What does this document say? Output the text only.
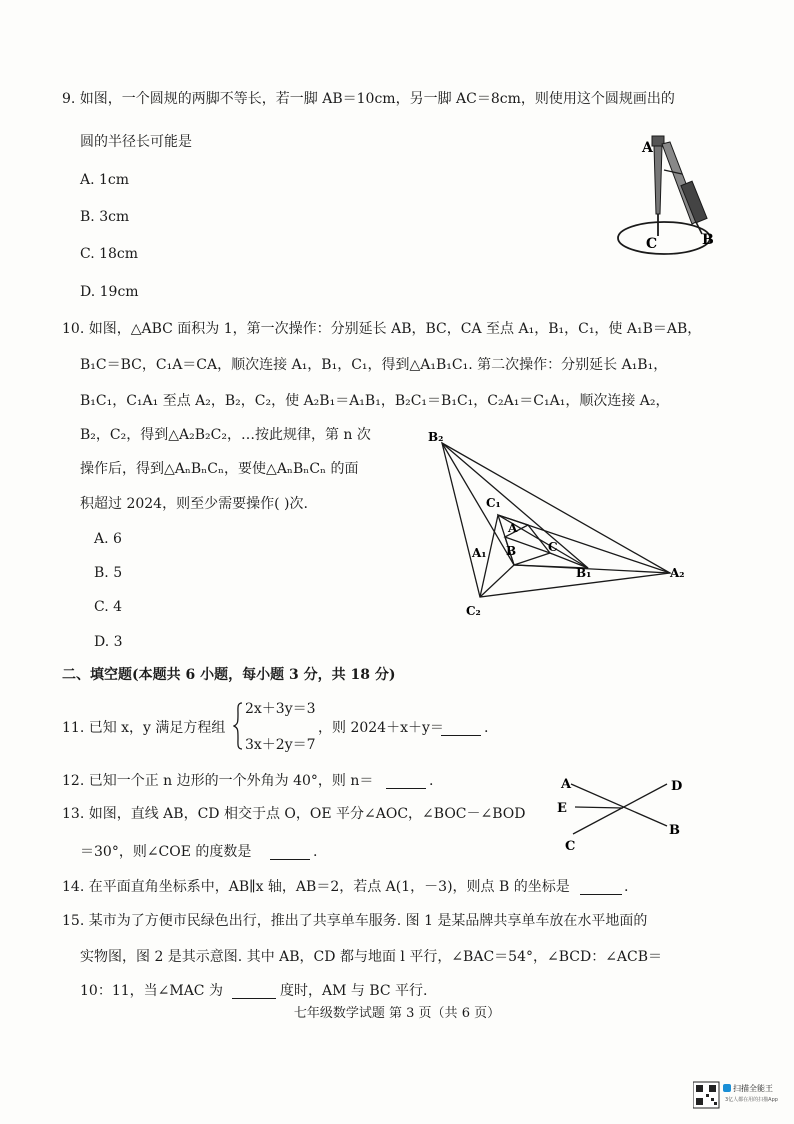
9. 如图，一个圆规的两脚不等长，若一脚 AB＝10cm，另一脚 AC＝8cm，则使用这个圆规画出的
圆的半径长可能是
A. 1cm
B. 3cm
C. 18cm
D. 19cm
A
B
C
10. 如图，△ABC 面积为 1，第一次操作：分别延长 AB，BC，CA 至点 A₁，B₁，C₁，使 A₁B＝AB，
B₁C＝BC，C₁A＝CA，顺次连接 A₁，B₁，C₁，得到△A₁B₁C₁. 第二次操作：分别延长 A₁B₁，
B₁C₁，C₁A₁ 至点 A₂，B₂，C₂，使 A₂B₁＝A₁B₁，B₂C₁＝B₁C₁，C₂A₁＝C₁A₁，顺次连接 A₂，
B₂，C₂，得到△A₂B₂C₂，…按此规律，第 n 次
操作后，得到△AₙBₙCₙ，要使△AₙBₙCₙ 的面
积超过 2024，则至少需要操作( )次.
A. 6
B. 5
C. 4
D. 3
B₂
C₁
A
C
A₁ B
B₁	A₂
C₂
二、填空题(本题共 6 小题，每小题 3 分，共 18 分)
11. 已知 x，y 满足方程组
2x＋3y＝3
3x＋2y＝7
，则 2024＋x＋y＝	.
12. 已知一个正 n 边形的一个外角为 40°，则 n＝	.
13. 如图，直线 AB，CD 相交于点 O，OE 平分∠AOC，∠BOC－∠BOD
＝30°，则∠COE 的度数是	.
A	D
E
B
C
14. 在平面直角坐标系中，AB∥x 轴，AB＝2，若点 A(1，－3)，则点 B 的坐标是	.
15. 某市为了方便市民绿色出行，推出了共享单车服务. 图 1 是某品牌共享单车放在水平地面的
实物图，图 2 是其示意图. 其中 AB，CD 都与地面 l 平行，∠BAC＝54°，∠BCD：∠ACB＝
10：11，当∠MAC 为	度时，AM 与 BC 平行.
七年级数学试题 第 3 页（共 6 页）
扫描全能王
3亿人都在用的扫描App
